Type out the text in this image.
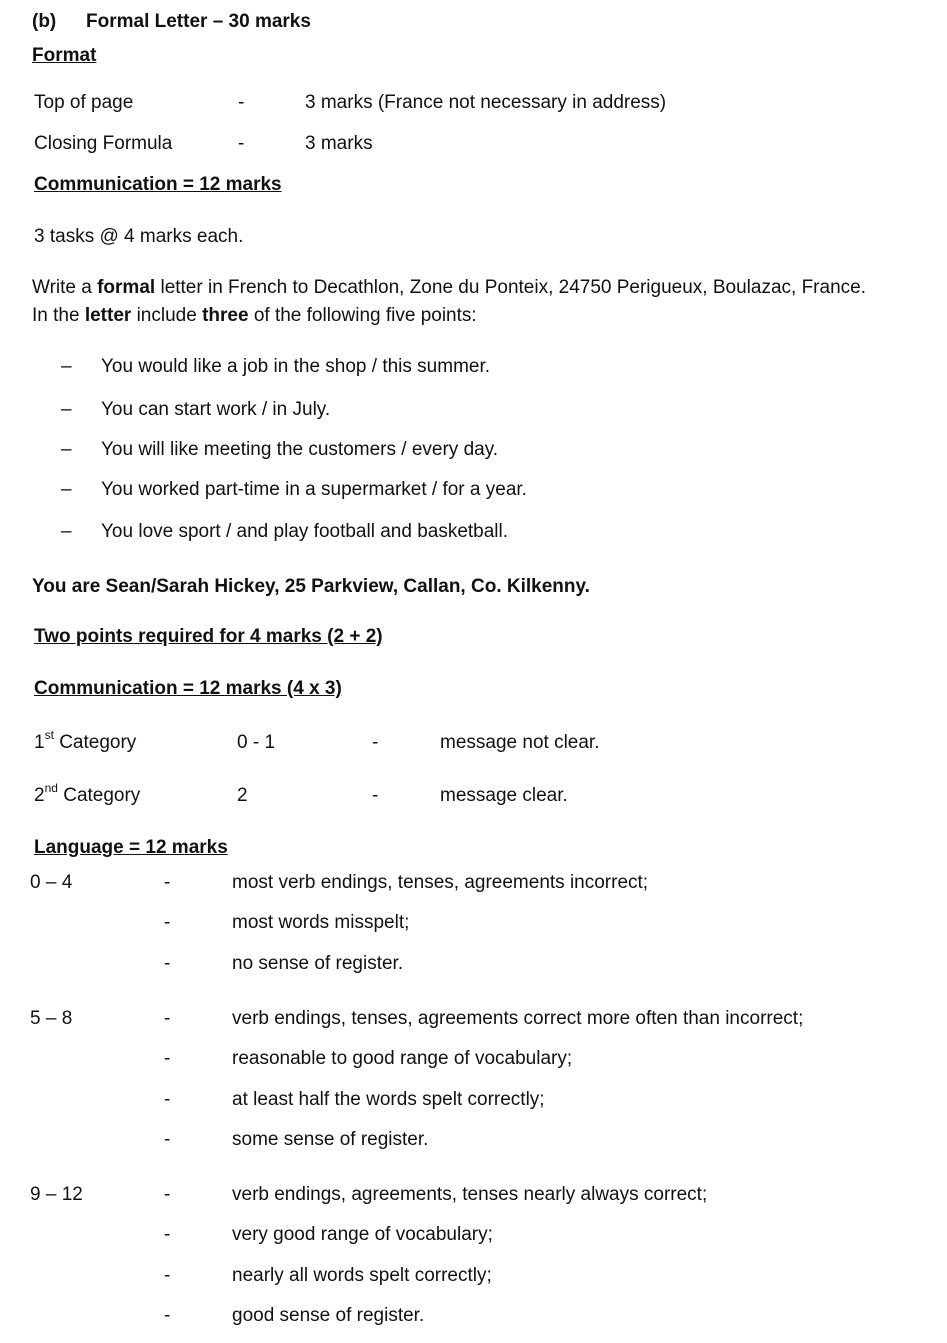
(b) Formal Letter – 30 marks
Format
Top of page	-	3 marks (France not necessary in address)
Closing Formula	-	3 marks
Communication = 12 marks
3 tasks @ 4 marks each.
Write a formal letter in French to Decathlon, Zone du Ponteix, 24750 Perigueux, Boulazac, France.
In the letter include three of the following five points:
– You would like a job in the shop / this summer.
– You can start work / in July.
– You will like meeting the customers / every day.
– You worked part-time in a supermarket / for a year.
– You love sport / and play football and basketball.
You are Sean/Sarah Hickey, 25 Parkview, Callan, Co. Kilkenny.
Two points required for 4 marks (2 + 2)
Communication = 12 marks (4 x 3)
1st Category	0 - 1	-	message not clear.
2nd Category	2	-	message clear.
Language = 12 marks
0 – 4	-	most verb endings, tenses, agreements incorrect;
-	most words misspelt;
-	no sense of register.
5 – 8	-	verb endings, tenses, agreements correct more often than incorrect;
-	reasonable to good range of vocabulary;
-	at least half the words spelt correctly;
-	some sense of register.
9 – 12	-	verb endings, agreements, tenses nearly always correct;
-	very good range of vocabulary;
-	nearly all words spelt correctly;
-	good sense of register.
